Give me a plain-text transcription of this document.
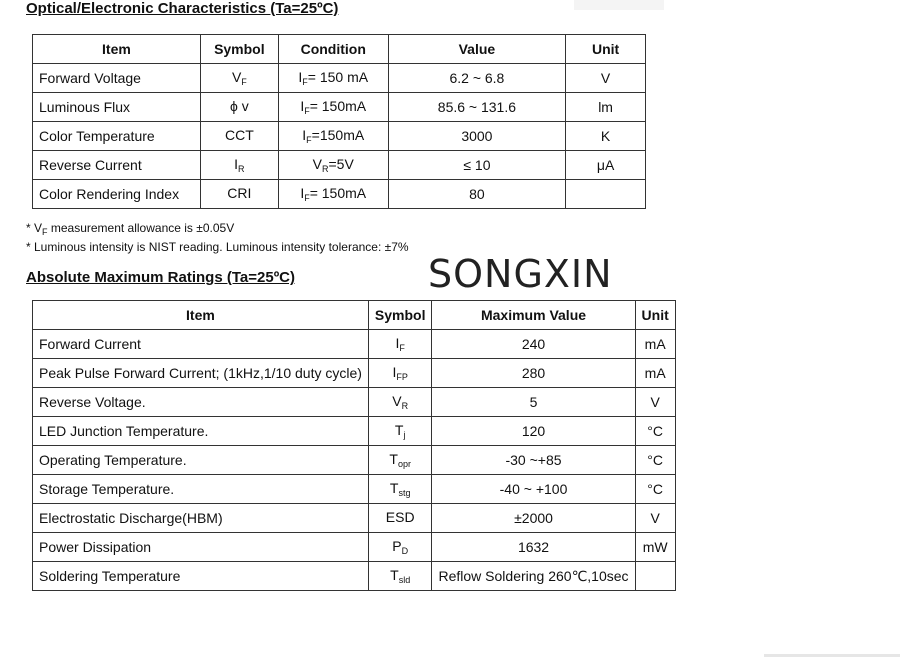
Optical/Electronic Characteristics (Ta=25ºC)
Item	Symbol	Condition	Value	Unit
Forward Voltage	$V_F$	$I_F= 150$ mA	6.2 ~ 6.8	V
Luminous Flux	ϕ v	$I_F= 150mA$	85.6 ~ 131.6	lm
Color Temperature	CCT	$I_F=150mA$	3000	K
Reverse Current	$I_R$	$V_R=5V$	≤ 10	μA
Color Rendering Index	CRI	$I_F= 150mA$	80	
* $V_F$ measurement allowance is ±0.05V
* Luminous intensity is NIST reading. Luminous intensity tolerance: ±7%
Absolute Maximum Ratings (Ta=25ºC)	SONGXIN
Item	Symbol	Maximum Value	Unit
Forward Current	$I_F$	240	mA
Peak Pulse Forward Current; (1kHz,1/10 duty cycle)	$I_{FP}$	280	mA
Reverse Voltage.	$V_R$	5	V
LED Junction Temperature.	$T_j$	120	°C
Operating Temperature.	$T_{opr}$	-30 ~+85	°C
Storage Temperature.	$T_{stg}$	-40 ~ +100	°C
Electrostatic Discharge(HBM)	ESD	±2000	V
Power Dissipation	$P_D$	1632	mW
Soldering Temperature	$T_{sld}$	Reflow Soldering 260℃,10sec	
